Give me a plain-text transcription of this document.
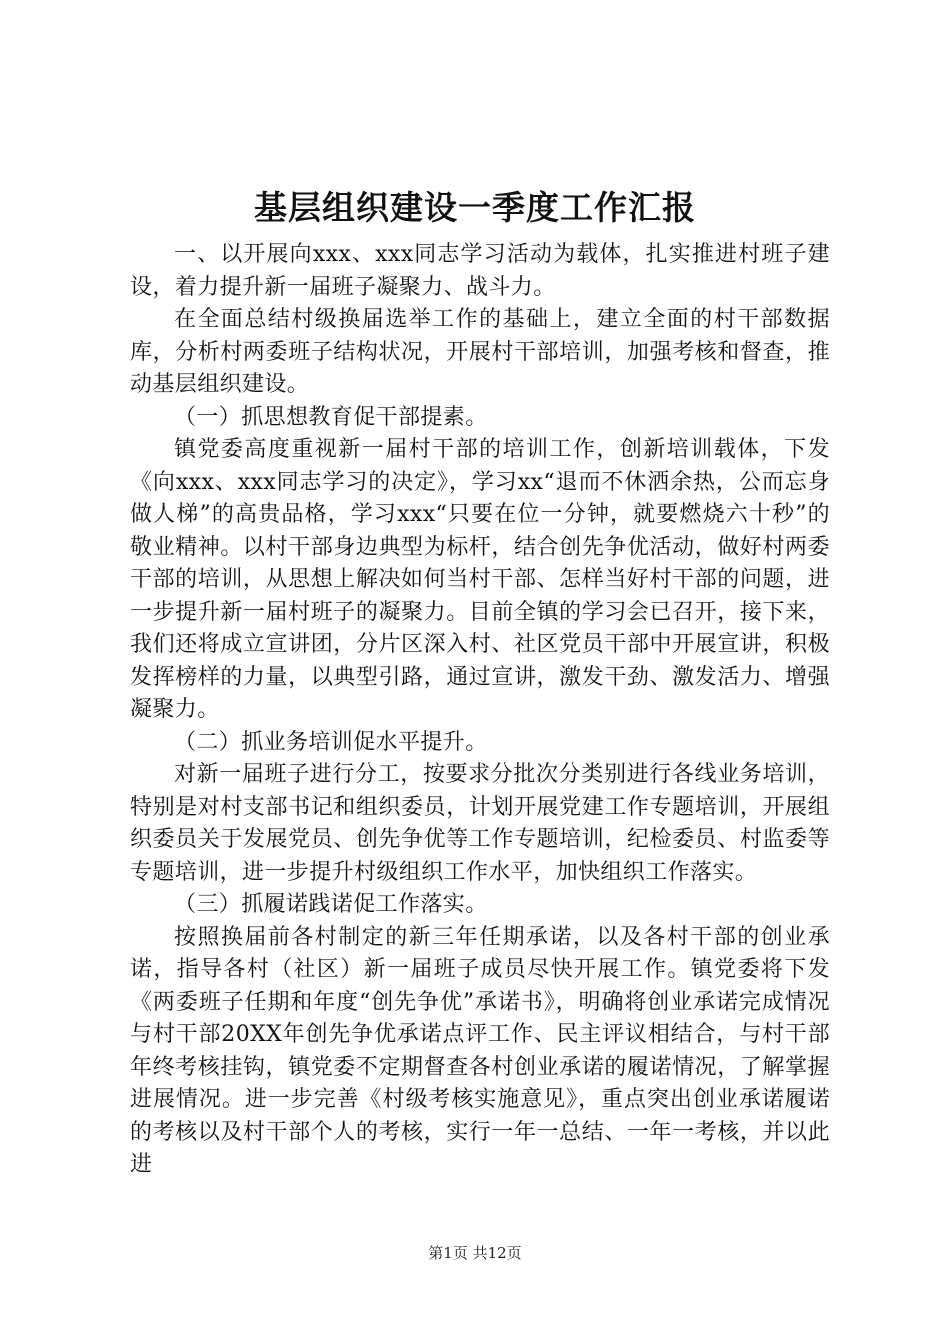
基层组织建设一季度工作汇报

一、以开展向xxx、xxx同志学习活动为载体，扎实推进村班子建设，着力提升新一届班子凝聚力、战斗力。

在全面总结村级换届选举工作的基础上，建立全面的村干部数据库，分析村两委班子结构状况，开展村干部培训，加强考核和督查，推动基层组织建设。

（一）抓思想教育促干部提素。

镇党委高度重视新一届村干部的培训工作，创新培训载体，下发《向xxx、xxx同志学习的决定》，学习xx“退而不休洒余热，公而忘身做人梯”的高贵品格，学习xxx“只要在位一分钟，就要燃烧六十秒”的敬业精神。以村干部身边典型为标杆，结合创先争优活动，做好村两委干部的培训，从思想上解决如何当村干部、怎样当好村干部的问题，进一步提升新一届村班子的凝聚力。目前全镇的学习会已召开，接下来，我们还将成立宣讲团，分片区深入村、社区党员干部中开展宣讲，积极发挥榜样的力量，以典型引路，通过宣讲，激发干劲、激发活力、增强凝聚力。

（二）抓业务培训促水平提升。

对新一届班子进行分工，按要求分批次分类别进行各线业务培训，特别是对村支部书记和组织委员，计划开展党建工作专题培训，开展组织委员关于发展党员、创先争优等工作专题培训，纪检委员、村监委等专题培训，进一步提升村级组织工作水平，加快组织工作落实。

（三）抓履诺践诺促工作落实。

按照换届前各村制定的新三年任期承诺，以及各村干部的创业承诺，指导各村（社区）新一届班子成员尽快开展工作。镇党委将下发《两委班子任期和年度“创先争优”承诺书》，明确将创业承诺完成情况与村干部20XX年创先争优承诺点评工作、民主评议相结合，与村干部年终考核挂钩，镇党委不定期督查各村创业承诺的履诺情况，了解掌握进展情况。进一步完善《村级考核实施意见》，重点突出创业承诺履诺的考核以及村干部个人的考核，实行一年一总结、一年一考核，并以此进

第1页 共12页
